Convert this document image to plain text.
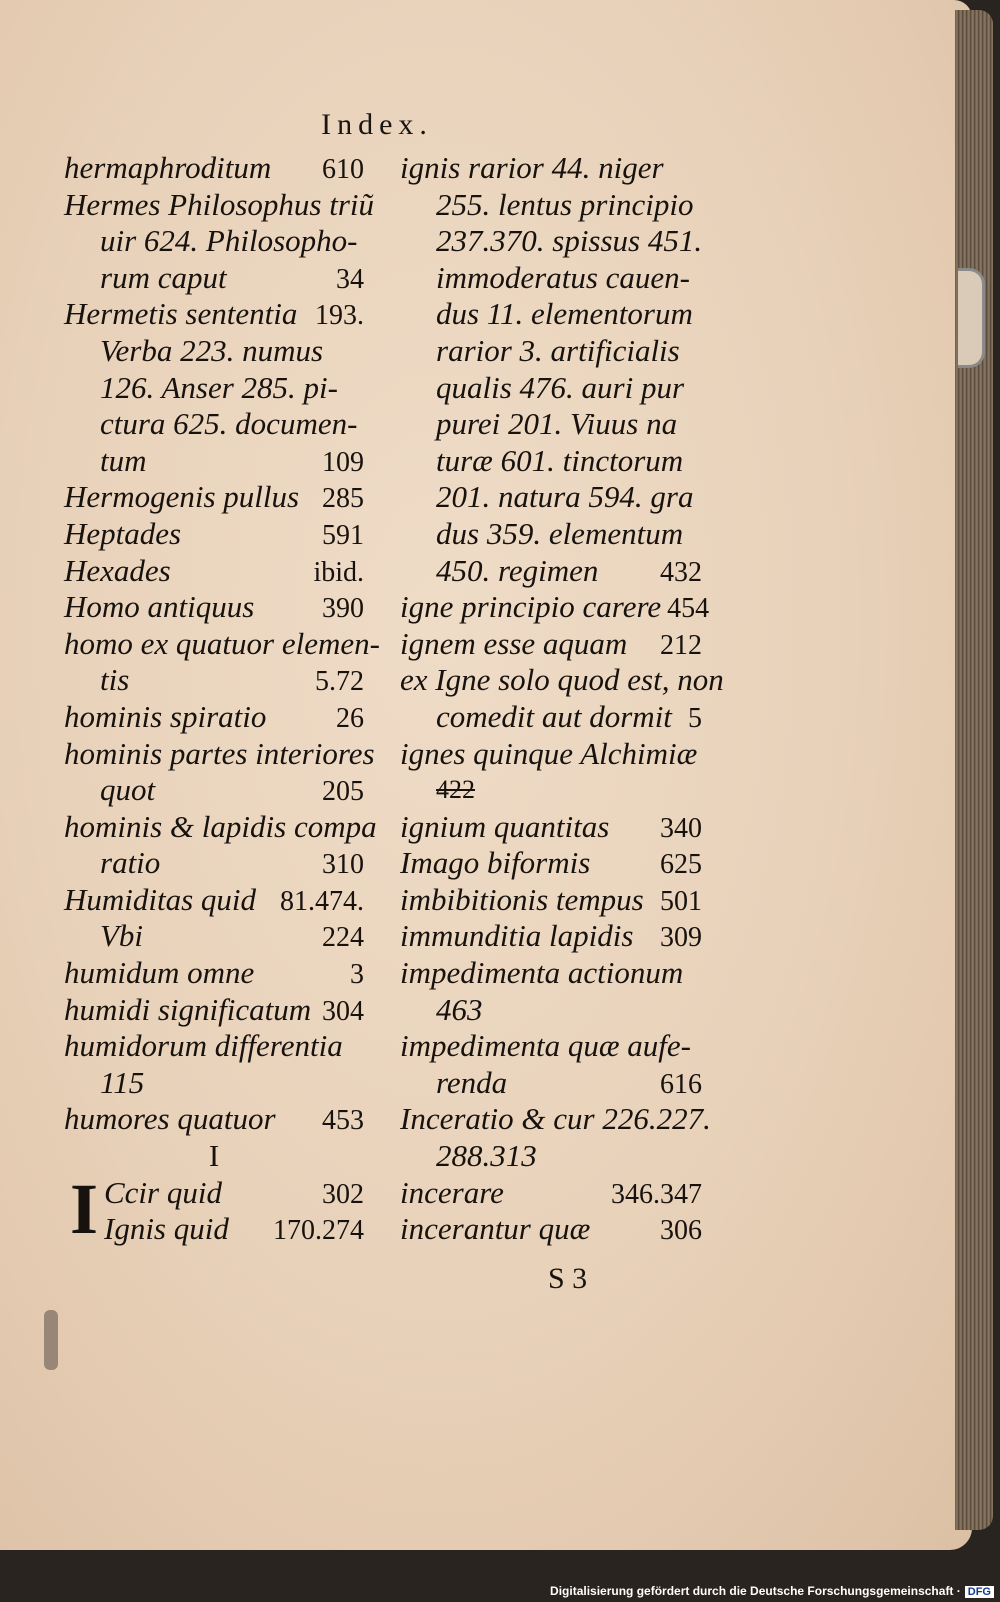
Index.
hermaphroditum 610
Hermes Philosophus triũ
uir 624. Philosopho-
rum caput	34
Hermetis sententia 193.
Verba 223. numus
126. Anser 285. pi-
ctura 625. documen-
tum	109
Hermogenis pullus 285
Heptades	591
Hexades	ibid.
Homo antiquus 390
homo ex quatuor elemen-
tis	5.72
hominis spiratio 26
hominis partes interiores
quot	205
hominis & lapidis compa
ratio	310
Humiditas quid 81.474.
Vbi	224
humidum omne	3
humidi significatum 304
humidorum differentia
115
humores quatuor 453
I
I Ccir quid	302
Ignis quid 170.274
ignis rarior 44. niger
255. lentus principio
237.370. spissus 451.
immoderatus cauen-
dus 11. elementorum
rarior 3. artificialis
qualis 476. auri pur
purei 201. Viuus na
turæ 601. tinctorum
201. natura 594. gra
dus 359. elementum
450. regimen 432
igne principio carere 454
ignem esse aquam 212
ex Igne solo quod est, non
comedit aut dormit 5
ignes quinque Alchimiæ
422
ignium quantitas 340
Imago biformis 625
imbibitionis tempus 501
immunditia lapidis 309
impedimenta actionum
463
impedimenta quæ aufe-
renda	616
Inceratio & cur 226.227.
288.313
incerare	346.347
incerantur quæ 306
S 3
Digitalisierung gefördert durch die Deutsche Forschungsgemeinschaft · DFG
